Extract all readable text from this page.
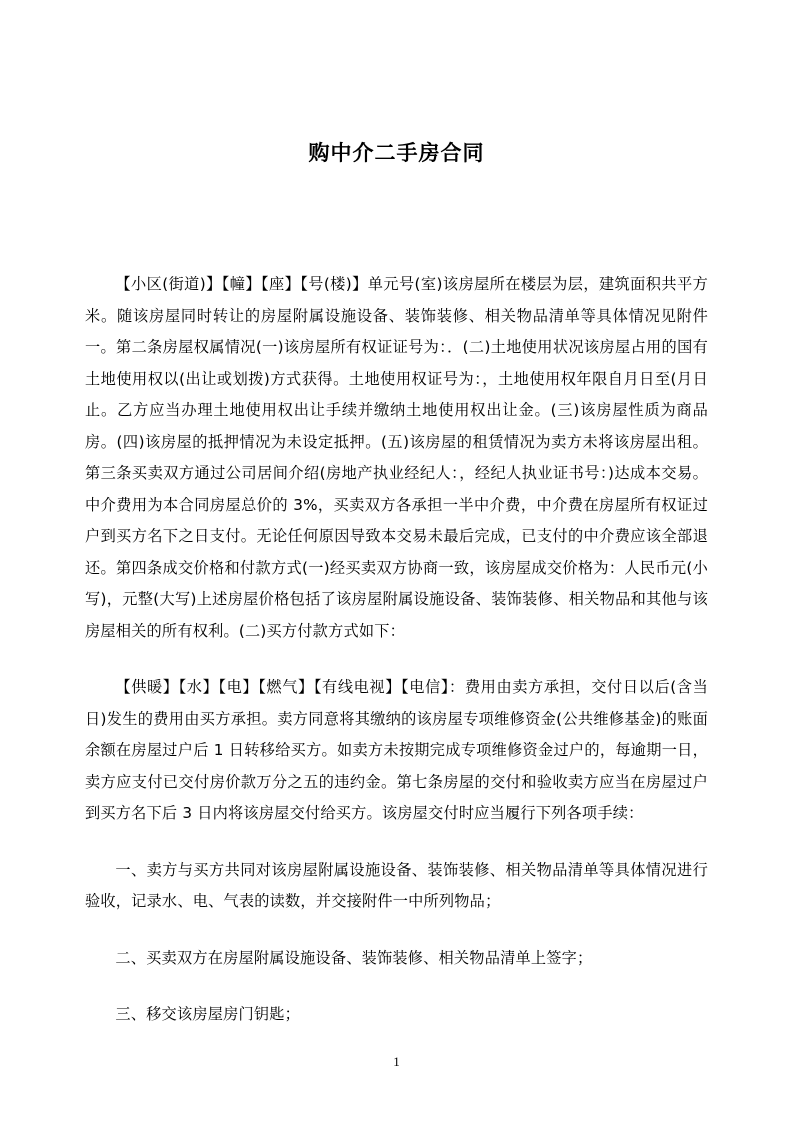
购中介二手房合同

【小区(街道)】【幢】【座】【号(楼)】单元号(室)该房屋所在楼层为层，建筑面积共平方米。随该房屋同时转让的房屋附属设施设备、装饰装修、相关物品清单等具体情况见附件一。第二条房屋权属情况(一)该房屋所有权证证号为：．(二)土地使用状况该房屋占用的国有土地使用权以(出让或划拨)方式获得。土地使用权证号为：，土地使用权年限自月日至(月日止。乙方应当办理土地使用权出让手续并缴纳土地使用权出让金。(三)该房屋性质为商品房。(四)该房屋的抵押情况为未设定抵押。(五)该房屋的租赁情况为卖方未将该房屋出租。第三条买卖双方通过公司居间介绍(房地产执业经纪人：，经纪人执业证书号：)达成本交易。中介费用为本合同房屋总价的 3%，买卖双方各承担一半中介费，中介费在房屋所有权证过户到买方名下之日支付。无论任何原因导致本交易未最后完成，已支付的中介费应该全部退还。第四条成交价格和付款方式(一)经买卖双方协商一致，该房屋成交价格为：人民币元(小写)，元整(大写)上述房屋价格包括了该房屋附属设施设备、装饰装修、相关物品和其他与该房屋相关的所有权利。(二)买方付款方式如下：

【供暖】【水】【电】【燃气】【有线电视】【电信】：费用由卖方承担，交付日以后(含当日)发生的费用由买方承担。卖方同意将其缴纳的该房屋专项维修资金(公共维修基金)的账面余额在房屋过户后 1 日转移给买方。如卖方未按期完成专项维修资金过户的，每逾期一日，卖方应支付已交付房价款万分之五的违约金。第七条房屋的交付和验收卖方应当在房屋过户到买方名下后 3 日内将该房屋交付给买方。该房屋交付时应当履行下列各项手续：

一、卖方与买方共同对该房屋附属设施设备、装饰装修、相关物品清单等具体情况进行验收，记录水、电、气表的读数，并交接附件一中所列物品；

二、买卖双方在房屋附属设施设备、装饰装修、相关物品清单上签字；

三、移交该房屋房门钥匙；

1
